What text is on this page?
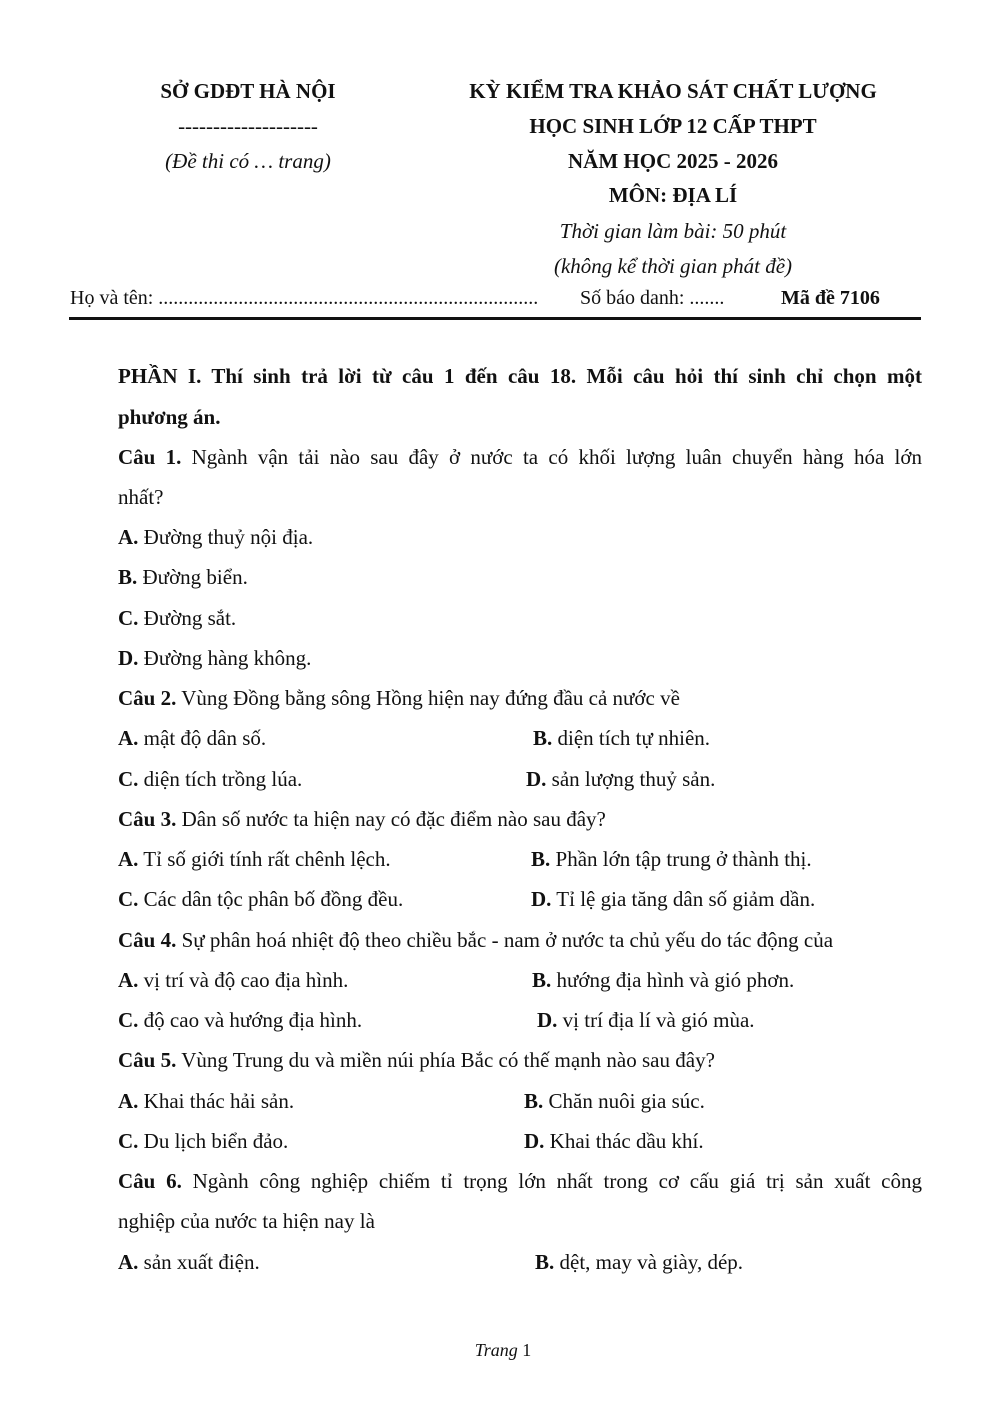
SỞ GDĐT HÀ NỘI
--------------------
(Đề thi có … trang)
KỲ KIỂM TRA KHẢO SÁT CHẤT LƯỢNG
HỌC SINH LỚP 12 CẤP THPT
NĂM HỌC 2025 - 2026
MÔN: ĐỊA LÍ
Thời gian làm bài: 50 phút
(không kể thời gian phát đề)
Họ và tên: ............................................................................ Số báo danh: .......	Mã đề 7106
PHẦN I. Thí sinh trả lời từ câu 1 đến câu 18. Mỗi câu hỏi thí sinh chỉ chọn một
phương án.
Câu 1. Ngành vận tải nào sau đây ở nước ta có khối lượng luân chuyển hàng hóa lớn
nhất?
A. Đường thuỷ nội địa.
B. Đường biển.
C. Đường sắt.
D. Đường hàng không.
Câu 2. Vùng Đồng bằng sông Hồng hiện nay đứng đầu cả nước về
A. mật độ dân số.	B. diện tích tự nhiên.
C. diện tích trồng lúa.	D. sản lượng thuỷ sản.
Câu 3. Dân số nước ta hiện nay có đặc điểm nào sau đây?
A. Tỉ số giới tính rất chênh lệch.	B. Phần lớn tập trung ở thành thị.
C. Các dân tộc phân bố đồng đều.	D. Tỉ lệ gia tăng dân số giảm dần.
Câu 4. Sự phân hoá nhiệt độ theo chiều bắc - nam ở nước ta chủ yếu do tác động của
A. vị trí và độ cao địa hình.	B. hướng địa hình và gió phơn.
C. độ cao và hướng địa hình.	D. vị trí địa lí và gió mùa.
Câu 5. Vùng Trung du và miền núi phía Bắc có thế mạnh nào sau đây?
A. Khai thác hải sản.	B. Chăn nuôi gia súc.
C. Du lịch biển đảo.	D. Khai thác dầu khí.
Câu 6. Ngành công nghiệp chiếm tỉ trọng lớn nhất trong cơ cấu giá trị sản xuất công
nghiệp của nước ta hiện nay là
A. sản xuất điện.	B. dệt, may và giày, dép.
Trang 1
